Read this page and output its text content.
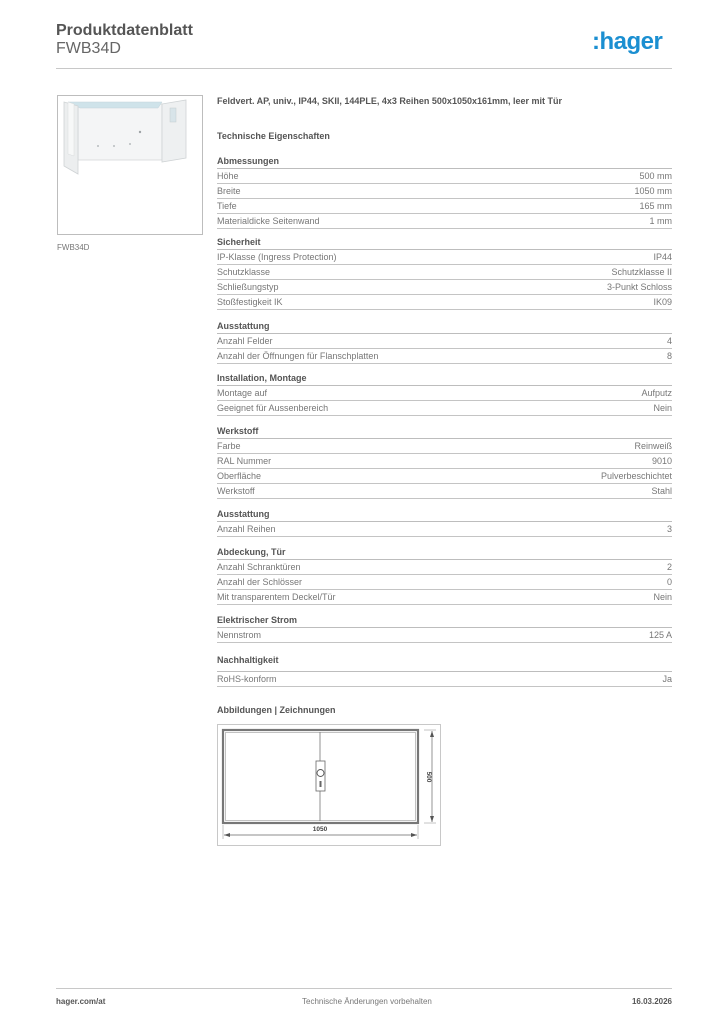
Produktdatenblatt
FWB34D	:hager
FWB34D
Feldvert. AP, univ., IP44, SKII, 144PLE, 4x3 Reihen 500x1050x161mm, leer mit Tür
Technische Eigenschaften
Abmessungen
Höhe	500 mm
Breite	1050 mm
Tiefe	165 mm
Materialdicke Seitenwand	1 mm
Sicherheit
IP-Klasse (Ingress Protection)	IP44
Schutzklasse	Schutzklasse II
Schließungstyp	3-Punkt Schloss
Stoßfestigkeit IK	IK09
Ausstattung
Anzahl Felder	4
Anzahl der Öffnungen für Flanschplatten	8
Installation, Montage
Montage auf	Aufputz
Geeignet für Aussenbereich	Nein
Werkstoff
Farbe	Reinweiß
RAL Nummer	9010
Oberfläche	Pulverbeschichtet
Werkstoff	Stahl
Ausstattung
Anzahl Reihen	3
Abdeckung, Tür
Anzahl Schranktüren	2
Anzahl der Schlösser	0
Mit transparentem Deckel/Tür	Nein
Elektrischer Strom
Nennstrom	125 A
Nachhaltigkeit
RoHS-konform	Ja
Abbildungen | Zeichnungen
500
1050
hager.com/at	Technische Änderungen vorbehalten	16.03.2026
